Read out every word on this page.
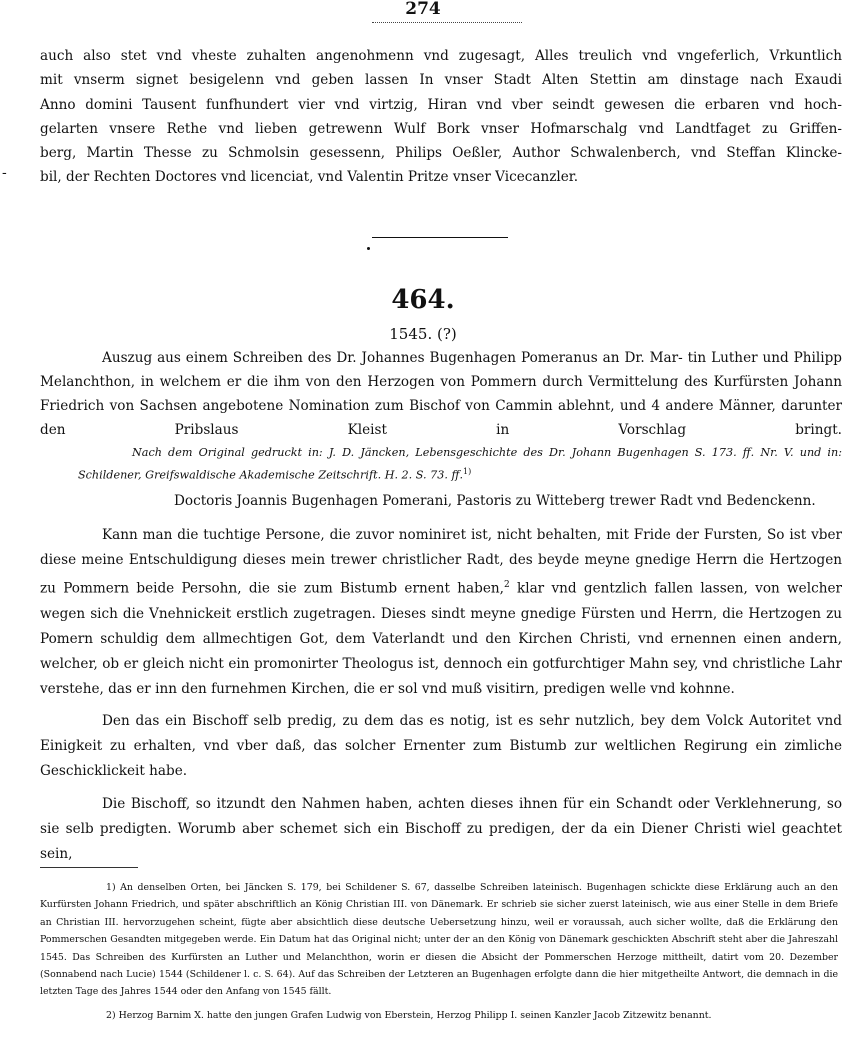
274

auch also stet vnd vheste zuhalten angenohmenn vnd zugesagt, Alles treulich vnd vngeferlich, Vrkuntlich

mit vnserm signet besigelenn vnd geben lassen In vnser Stadt Alten Stettin am dinstage nach Exaudi

Anno domini Tausent funfhundert vier vnd virtzig, Hiran vnd vber seindt gewesen die erbaren vnd hoch-

gelarten vnsere Rethe vnd lieben getrewenn Wulf Bork vnser Hofmarschalg vnd Landtfaget zu Griffen-

berg, Martin Thesse zu Schmolsin gesessenn, Philips Oeßler, Author Schwalenberch, vnd Steffan Klincke-

bil, der Rechten Doctores vnd licenciat, vnd Valentin Pritze vnser Vicecanzler.

-
464.
1545. (?)

Auszug aus einem Schreiben des Dr. Johannes Bugenhagen Pomeranus an Dr. Mar- tin Luther und Philipp Melanchthon, in welchem er die ihm von den Herzogen von Pommern durch Vermittelung des Kurfürsten Johann Friedrich von Sachsen angebotene Nomination zum Bischof von Cammin ablehnt, und 4 andere Männer, darunter den Pribslaus Kleist in Vorschlag bringt.

Nach dem Original gedruckt in: J. D. Jäncken, Lebensgeschichte des Dr. Johann Bugenhagen S. 173. ff. Nr. V. und in: Schildener, Greifswaldische Akademische Zeitschrift. H. 2. S. 73. ff.$^{1)}$

Doctoris Joannis Bugenhagen Pomerani, Pastoris zu Witteberg trewer Radt vnd Bedenckenn.

Kann man die tuchtige Persone, die zuvor nominiret ist, nicht behalten, mit Fride der Fursten, So ist vber diese meine Entschuldigung dieses mein trewer christlicher Radt, des beyde meyne gnedige Herrn die Hertzogen zu Pommern beide Persohn, die sie zum Bistumb ernent haben,$^2$ klar vnd gentzlich fallen lassen, von welcher wegen sich die Vnehnickeit erstlich zugetragen. Dieses sindt meyne gnedige Fürsten und Herrn, die Hertzogen zu Pomern schuldig dem allmechtigen Got, dem Vaterlandt und den Kirchen Christi, vnd ernennen einen andern, welcher, ob er gleich nicht ein promonirter Theologus ist, dennoch ein gotfurchtiger Mahn sey, vnd christliche Lahr verstehe, das er inn den furnehmen Kirchen, die er sol vnd muß visitirn, predigen welle vnd kohnne.

Den das ein Bischoff selb predig, zu dem das es notig, ist es sehr nutzlich, bey dem Volck Autoritet vnd Einigkeit zu erhalten, vnd vber daß, das solcher Ernenter zum Bistumb zur weltlichen Regirung ein zimliche Geschicklickeit habe.

Die Bischoff, so itzundt den Nahmen haben, achten dieses ihnen für ein Schandt oder Verklehnerung, so sie selb predigten. Worumb aber schemet sich ein Bischoff zu predigen, der da ein Diener Christi wiel geachtet sein,

1) An denselben Orten, bei Jäncken S. 179, bei Schildener S. 67, dasselbe Schreiben lateinisch. Bugenhagen schickte diese Erklärung auch an den Kurfürsten Johann Friedrich, und später abschriftlich an König Christian III. von Dänemark. Er schrieb sie sicher zuerst lateinisch, wie aus einer Stelle in dem Briefe an Christian III. hervorzugehen scheint, fügte aber absichtlich diese deutsche Uebersetzung hinzu, weil er voraussah, auch sicher wollte, daß die Erklärung den Pommerschen Gesandten mitgegeben werde. Ein Datum hat das Original nicht; unter der an den König von Dänemark geschickten Abschrift steht aber die Jahreszahl 1545. Das Schreiben des Kurfürsten an Luther und Melanchthon, worin er diesen die Absicht der Pommerschen Herzoge mittheilt, datirt vom 20. Dezember (Sonnabend nach Lucie) 1544 (Schildener l. c. S. 64). Auf das Schreiben der Letzteren an Bugenhagen erfolgte dann die hier mitgetheilte Antwort, die demnach in die letzten Tage des Jahres 1544 oder den Anfang von 1545 fällt.

2) Herzog Barnim X. hatte den jungen Grafen Ludwig von Eberstein, Herzog Philipp I. seinen Kanzler Jacob Zitzewitz benannt.
